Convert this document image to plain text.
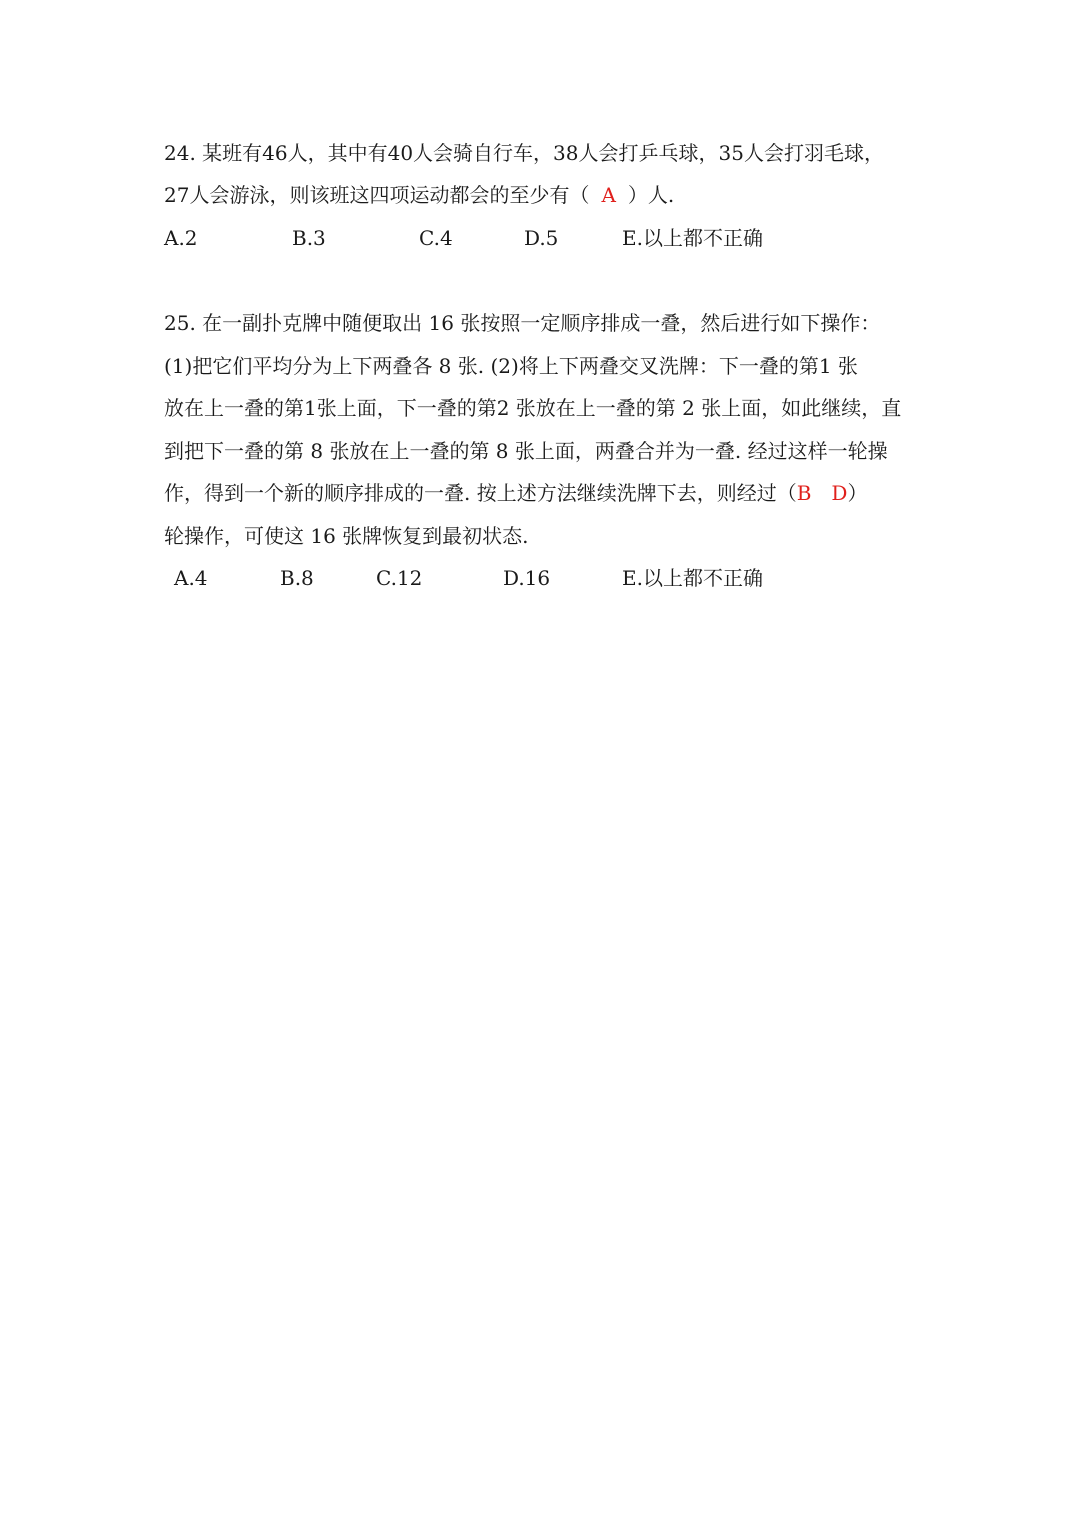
24. 某班有46人，其中有40人会骑自行车，38人会打乒乓球，35人会打羽毛球，
27人会游泳，则该班这四项运动都会的至少有（ A ）人.
A.2	B.3	C.4	D.5	E.以上都不正确
25. 在一副扑克牌中随便取出 16 张按照一定顺序排成一叠，然后进行如下操作：
(1)把它们平均分为上下两叠各 8 张. (2)将上下两叠交叉洗牌：下一叠的第1 张
放在上一叠的第1张上面，下一叠的第2 张放在上一叠的第 2 张上面，如此继续，直
到把下一叠的第 8 张放在上一叠的第 8 张上面，两叠合并为一叠. 经过这样一轮操
作，得到一个新的顺序排成的一叠. 按上述方法继续洗牌下去，则经过（B　D）
轮操作，可使这 16 张牌恢复到最初状态.
A.4	B.8	C.12	D.16	E.以上都不正确
